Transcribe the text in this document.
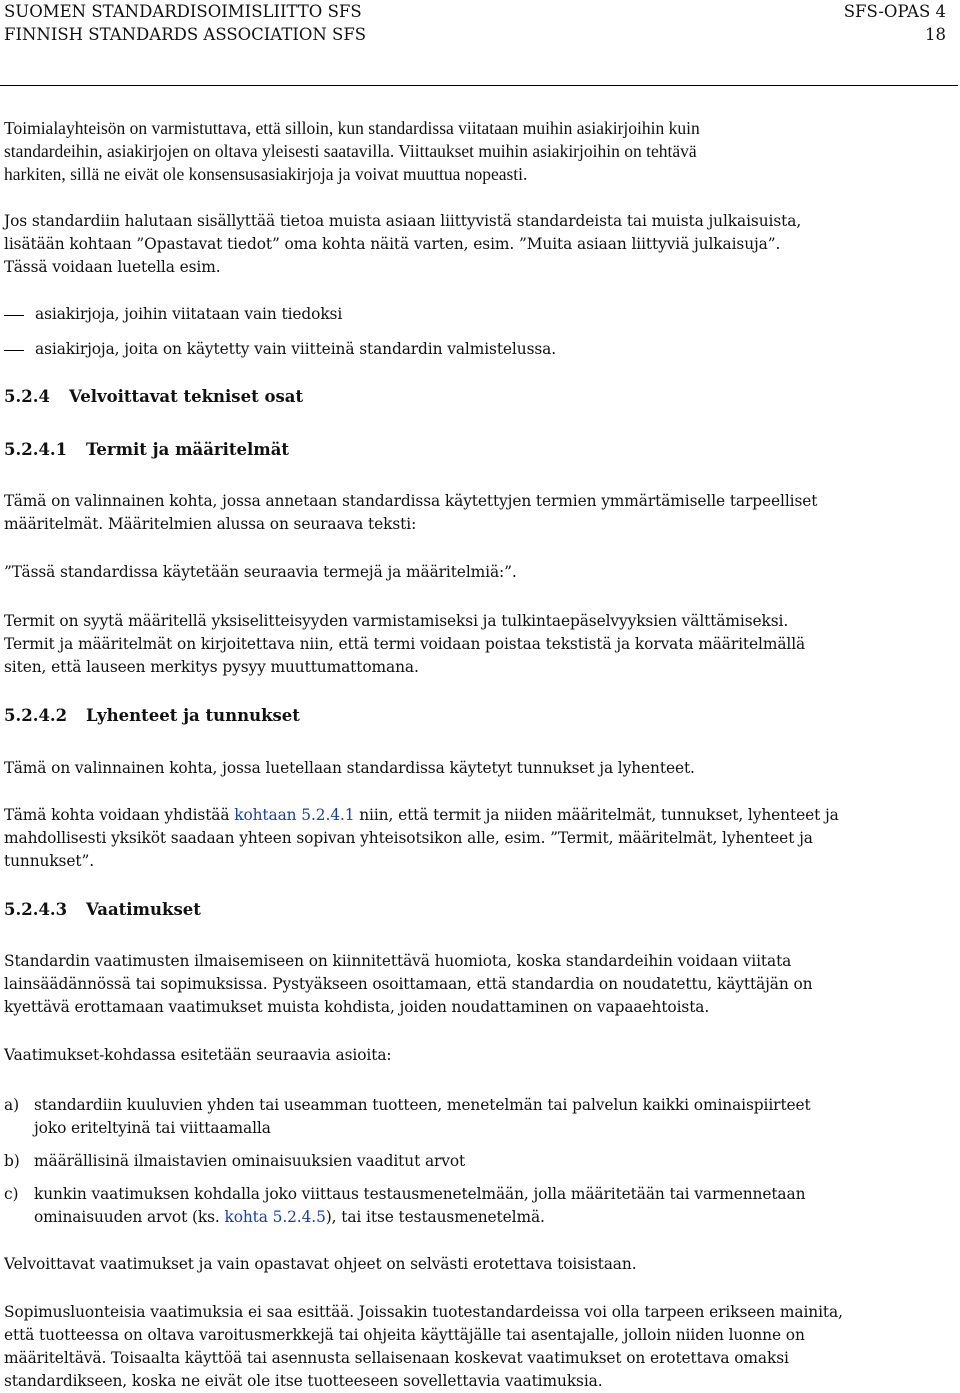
SUOMEN STANDARDISOIMISLIITTO SFS	SFS-OPAS 4
FINNISH STANDARDS ASSOCIATION SFS	18

Toimialayhteisön on varmistuttava, että silloin, kun standardissa viitataan muihin asiakirjoihin kuin

standardeihin, asiakirjojen on oltava yleisesti saatavilla. Viittaukset muihin asiakirjoihin on tehtävä

harkiten, sillä ne eivät ole konsensusasiakirjoja ja voivat muuttua nopeasti.

Jos standardiin halutaan sisällyttää tietoa muista asiaan liittyvistä standardeista tai muista julkaisuista,

lisätään kohtaan ”Opastavat tiedot” oma kohta näitä varten, esim. ”Muita asiaan liittyviä julkaisuja”.

Tässä voidaan luetella esim.

asiakirjoja, joihin viitataan vain tiedoksi
asiakirjoja, joita on käytetty vain viitteinä standardin valmistelussa.
5.2.4 Velvoittavat tekniset osat
5.2.4.1 Termit ja määritelmät

Tämä on valinnainen kohta, jossa annetaan standardissa käytettyjen termien ymmärtämiselle tarpeelliset

määritelmät. Määritelmien alussa on seuraava teksti:

”Tässä standardissa käytetään seuraavia termejä ja määritelmiä:”.

Termit on syytä määritellä yksiselitteisyyden varmistamiseksi ja tulkintaepäselvyyksien välttämiseksi.

Termit ja määritelmät on kirjoitettava niin, että termi voidaan poistaa tekstistä ja korvata määritelmällä

siten, että lauseen merkitys pysyy muuttumattomana.

5.2.4.2 Lyhenteet ja tunnukset

Tämä on valinnainen kohta, jossa luetellaan standardissa käytetyt tunnukset ja lyhenteet.

Tämä kohta voidaan yhdistää kohtaan 5.2.4.1 niin, että termit ja niiden määritelmät, tunnukset, lyhenteet ja

mahdollisesti yksiköt saadaan yhteen sopivan yhteisotsikon alle, esim. ”Termit, määritelmät, lyhenteet ja

tunnukset”.

5.2.4.3 Vaatimukset

Standardin vaatimusten ilmaisemiseen on kiinnitettävä huomiota, koska standardeihin voidaan viitata

lainsäädännössä tai sopimuksissa. Pystyäkseen osoittamaan, että standardia on noudatettu, käyttäjän on

kyettävä erottamaan vaatimukset muista kohdista, joiden noudattaminen on vapaaehtoista.

Vaatimukset-kohdassa esitetään seuraavia asioita:

a) standardiin kuuluvien yhden tai useamman tuotteen, menetelmän tai palvelun kaikki ominaispiirteet
joko eriteltyinä tai viittaamalla
b) määrällisinä ilmaistavien ominaisuuksien vaaditut arvot
c) kunkin vaatimuksen kohdalla joko viittaus testausmenetelmään, jolla määritetään tai varmennetaan
ominaisuuden arvot (ks. kohta 5.2.4.5), tai itse testausmenetelmä.

Velvoittavat vaatimukset ja vain opastavat ohjeet on selvästi erotettava toisistaan.

Sopimusluonteisia vaatimuksia ei saa esittää. Joissakin tuotestandardeissa voi olla tarpeen erikseen mainita,

että tuotteessa on oltava varoitusmerkkejä tai ohjeita käyttäjälle tai asentajalle, jolloin niiden luonne on

määriteltävä. Toisaalta käyttöä tai asennusta sellaisenaan koskevat vaatimukset on erotettava omaksi

standardikseen, koska ne eivät ole itse tuotteeseen sovellettavia vaatimuksia.
